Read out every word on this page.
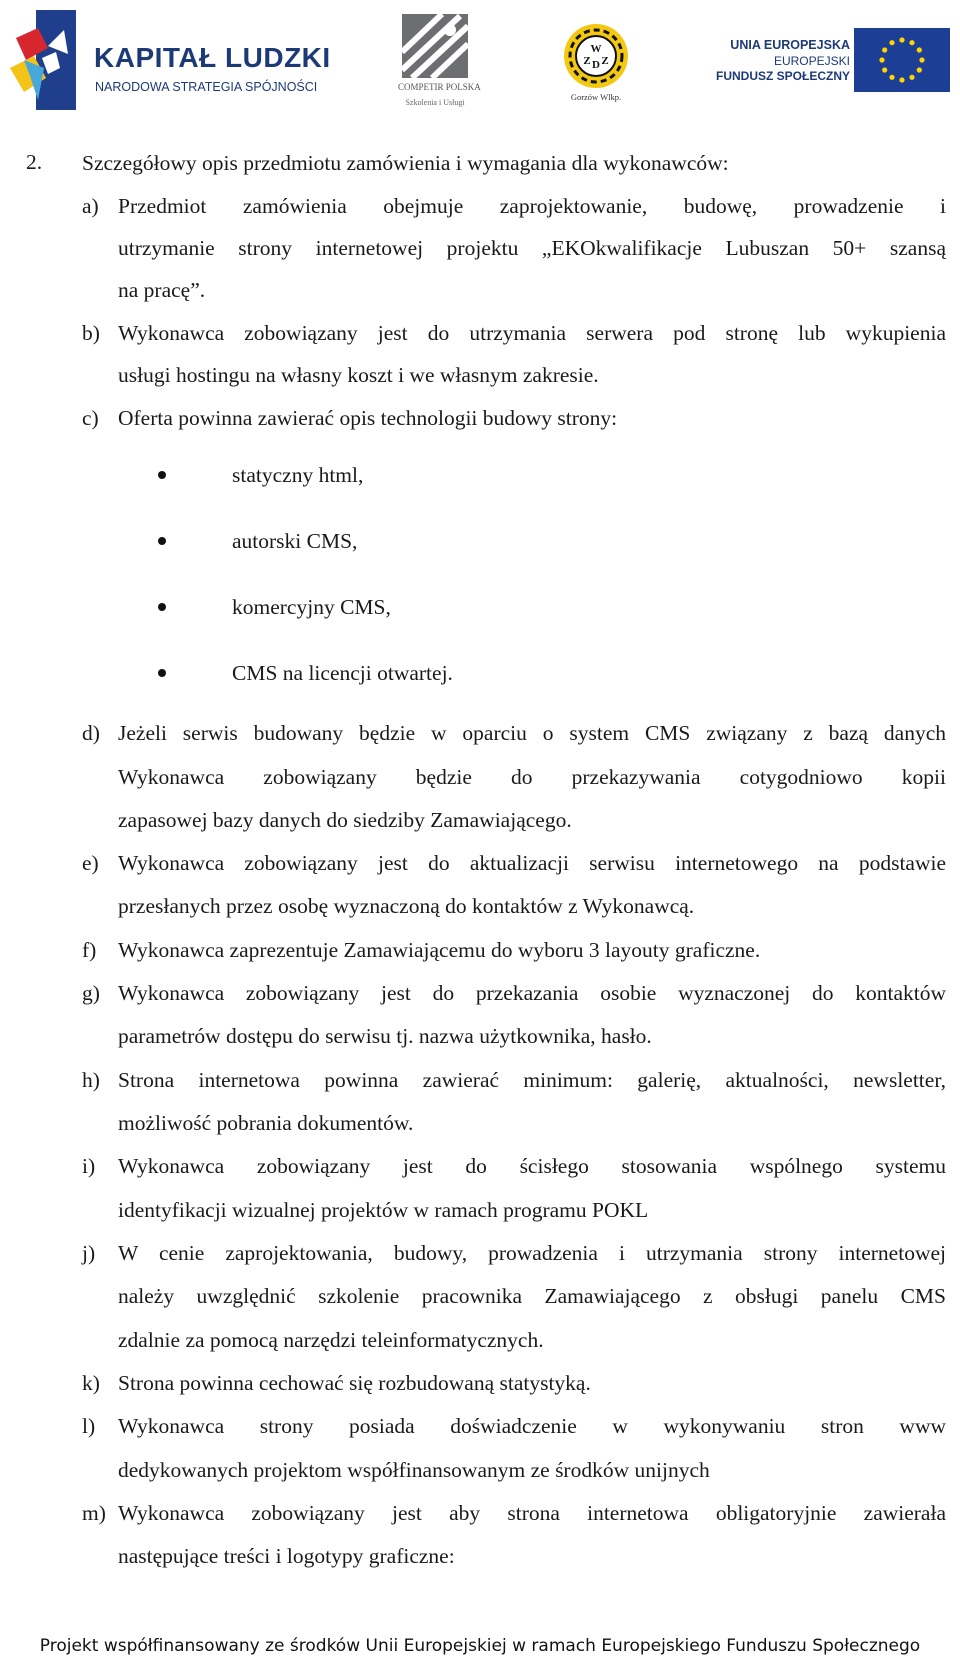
KAPITAŁ LUDZKI
NARODOWA STRATEGIA SPÓJNOŚCI	COMPETIR POLSKA
Szkolenia i Usługi
W
Z D Z
Gorzów Wlkp.
UNIA EUROPEJSKA
EUROPEJSKI
FUNDUSZ SPOŁECZNY
2. Szczegółowy opis przedmiotu zamówienia i wymagania dla wykonawców:
a) Przedmiot zamówienia obejmuje zaprojektowanie, budowę, prowadzenie i
utrzymanie strony internetowej projektu „EKOkwalifikacje Lubuszan 50+ szansą
na pracę”.
b) Wykonawca zobowiązany jest do utrzymania serwera pod stronę lub wykupienia
usługi hostingu na własny koszt i we własnym zakresie.
c) Oferta powinna zawierać opis technologii budowy strony:
statyczny html,
autorski CMS,
komercyjny CMS,
CMS na licencji otwartej.
d) Jeżeli serwis budowany będzie w oparciu o system CMS związany z bazą danych
Wykonawca zobowiązany będzie do przekazywania cotygodniowo kopii
zapasowej bazy danych do siedziby Zamawiającego.
e) Wykonawca zobowiązany jest do aktualizacji serwisu internetowego na podstawie
przesłanych przez osobę wyznaczoną do kontaktów z Wykonawcą.
f) Wykonawca zaprezentuje Zamawiającemu do wyboru 3 layouty graficzne.
g) Wykonawca zobowiązany jest do przekazania osobie wyznaczonej do kontaktów
parametrów dostępu do serwisu tj. nazwa użytkownika, hasło.
h) Strona internetowa powinna zawierać minimum: galerię, aktualności, newsletter,
możliwość pobrania dokumentów.
i) Wykonawca zobowiązany jest do ścisłego stosowania wspólnego systemu
identyfikacji wizualnej projektów w ramach programu POKL
j) W cenie zaprojektowania, budowy, prowadzenia i utrzymania strony internetowej
należy uwzględnić szkolenie pracownika Zamawiającego z obsługi panelu CMS
zdalnie za pomocą narzędzi teleinformatycznych.
k) Strona powinna cechować się rozbudowaną statystyką.
l) Wykonawca strony posiada doświadczenie w wykonywaniu stron www
dedykowanych projektom współfinansowanym ze środków unijnych
m) Wykonawca zobowiązany jest aby strona internetowa obligatoryjnie zawierała
następujące treści i logotypy graficzne:
Projekt współfinansowany ze środków Unii Europejskiej w ramach Europejskiego Funduszu Społecznego
